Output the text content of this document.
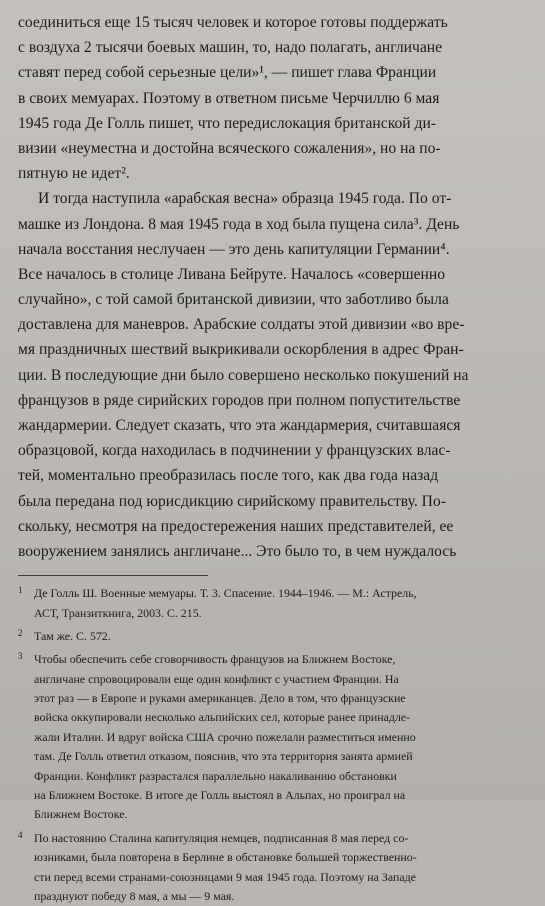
соединиться еще 15 тысяч человек и которое готовы поддержать
с воздуха 2 тысячи боевых машин, то, надо полагать, англичане
ставят перед собой серьезные цели»¹, — пишет глава Франции
в своих мемуарах. Поэтому в ответном письме Черчиллю 6 мая
1945 года Де Голль пишет, что передислокация британской ди-
визии «неуместна и достойна всяческого сожаления», но на по-
пятную не идет².
И тогда наступила «арабская весна» образца 1945 года. По от-
машке из Лондона. 8 мая 1945 года в ход была пущена сила³. День
начала восстания неслучаен — это день капитуляции Германии⁴.
Все началось в столице Ливана Бейруте. Началось «совершенно
случайно», с той самой британской дивизии, что заботливо была
доставлена для маневров. Арабские солдаты этой дивизии «во вре-
мя праздничных шествий выкрикивали оскорбления в адрес Фран-
ции. В последующие дни было совершено несколько покушений на
французов в ряде сирийских городов при полном попустительстве
жандармерии. Следует сказать, что эта жандармерия, считавшаяся
образцовой, когда находилась в подчинении у французских влас-
тей, моментально преобразилась после того, как два года назад
была передана под юрисдикцию сирийскому правительству. По-
скольку, несмотря на предостережения наших представителей, ее
вооружением занялись англичане... Это было то, в чем нуждалось
1 Де Голль Ш. Военные мемуары. Т. 3. Спасение. 1944–1946. — М.: Астрель,
АСТ, Транзиткнига, 2003. С. 215.
2 Там же. С. 572.
3 Чтобы обеспечить себе сговорчивость французов на Ближнем Востоке,
англичане спровоцировали еще один конфликт с участием Франции. На
этот раз — в Европе и руками американцев. Дело в том, что французские
войска оккупировали несколько альпийских сел, которые ранее принадле-
жали Италии. И вдруг войска США срочно пожелали разместиться именно
там. Де Голль ответил отказом, пояснив, что эта территория занята армией
Франции. Конфликт разрастался параллельно накаливанию обстановки
на Ближнем Востоке. В итоге де Голль выстоял в Альпах, но проиграл на
Ближнем Востоке.
4 По настоянию Сталина капитуляция немцев, подписанная 8 мая перед со-
юзниками, была повторена в Берлине в обстановке большей торжественно-
сти перед всеми странами-союзницами 9 мая 1945 года. Поэтому на Западе
празднуют победу 8 мая, а мы — 9 мая.
